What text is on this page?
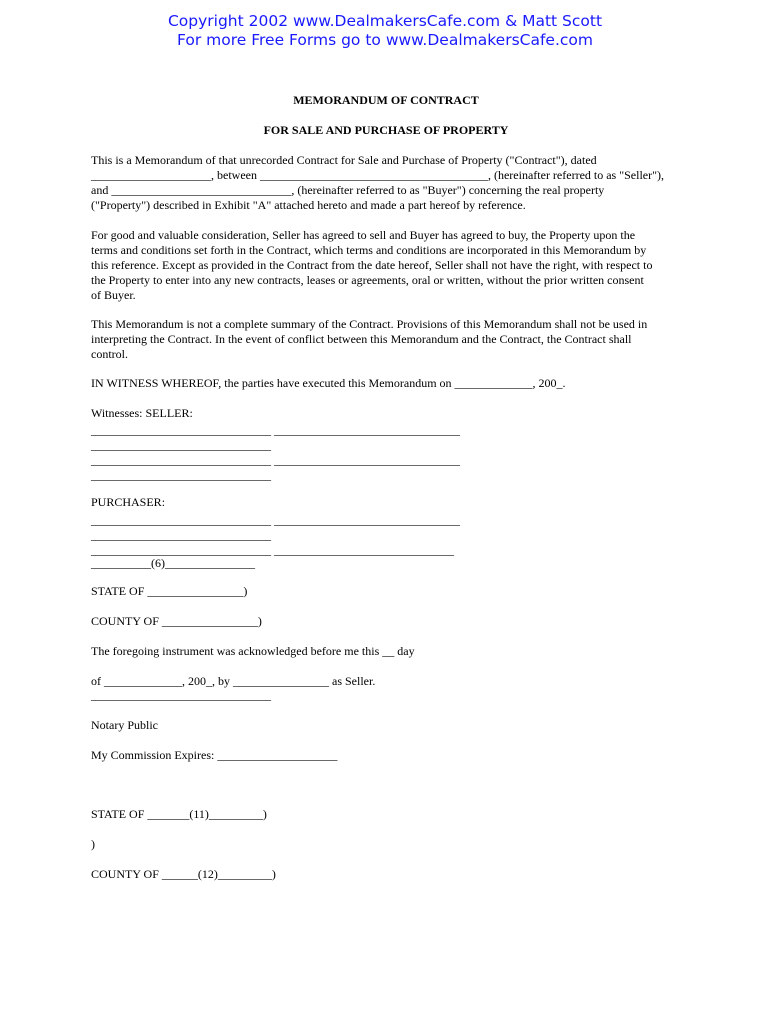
Copyright 2002 www.DealmakersCafe.com & Matt Scott
For more Free Forms go to www.DealmakersCafe.com
MEMORANDUM OF CONTRACT
FOR SALE AND PURCHASE OF PROPERTY
This is a Memorandum of that unrecorded Contract for Sale and Purchase of Property ("Contract"), dated
____________________, between ______________________________________, (hereinafter referred to as "Seller"),
and ______________________________, (hereinafter referred to as "Buyer") concerning the real property
("Property") described in Exhibit "A" attached hereto and made a part hereof by reference.
For good and valuable consideration, Seller has agreed to sell and Buyer has agreed to buy, the Property upon the
terms and conditions set forth in the Contract, which terms and conditions are incorporated in this Memorandum by
this reference. Except as provided in the Contract from the date hereof, Seller shall not have the right, with respect to
the Property to enter into any new contracts, leases or agreements, oral or written, without the prior written consent
of Buyer.
This Memorandum is not a complete summary of the Contract. Provisions of this Memorandum shall not be used in
interpreting the Contract. In the event of conflict between this Memorandum and the Contract, the Contract shall
control.
IN WITNESS WHEREOF, the parties have executed this Memorandum on _____________, 200_.
Witnesses: SELLER:
______________________________ _______________________________
______________________________
______________________________ _______________________________
______________________________
PURCHASER:
______________________________ _______________________________
______________________________
______________________________ ______________________________
__________(6)_______________
STATE OF ________________)
COUNTY OF ________________)
The foregoing instrument was acknowledged before me this __ day
of _____________, 200_, by ________________ as Seller.
______________________________
Notary Public
My Commission Expires: ____________________
STATE OF _______(11)_________)
)
COUNTY OF ______(12)_________)
